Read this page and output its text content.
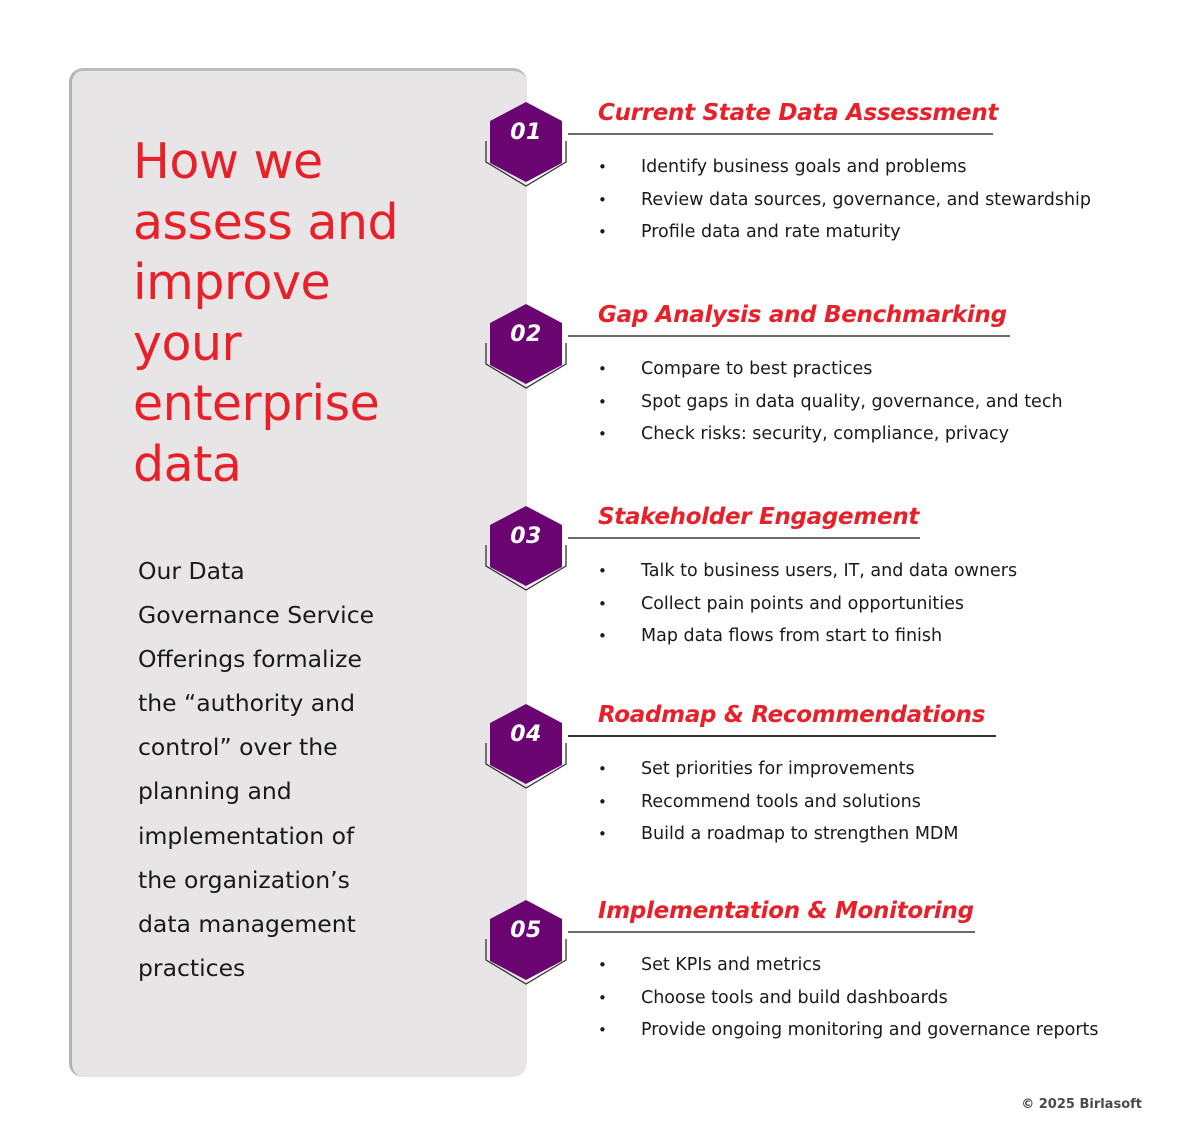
How we
assess and
improve
your
enterprise
data
Our Data
Governance Service
Offerings formalize
the “authority and
control” over the
planning and
implementation of
the organization’s
data management
practices
01
Current State Data Assessment
• Identify business goals and problems
• Review data sources, governance, and stewardship
• Profile data and rate maturity
02
Gap Analysis and Benchmarking
• Compare to best practices
• Spot gaps in data quality, governance, and tech
• Check risks: security, compliance, privacy
03
Stakeholder Engagement
• Talk to business users, IT, and data owners
• Collect pain points and opportunities
• Map data flows from start to finish
04
Roadmap & Recommendations
• Set priorities for improvements
• Recommend tools and solutions
• Build a roadmap to strengthen MDM
05
Implementation & Monitoring
• Set KPIs and metrics
• Choose tools and build dashboards
• Provide ongoing monitoring and governance reports
© 2025 Birlasoft
